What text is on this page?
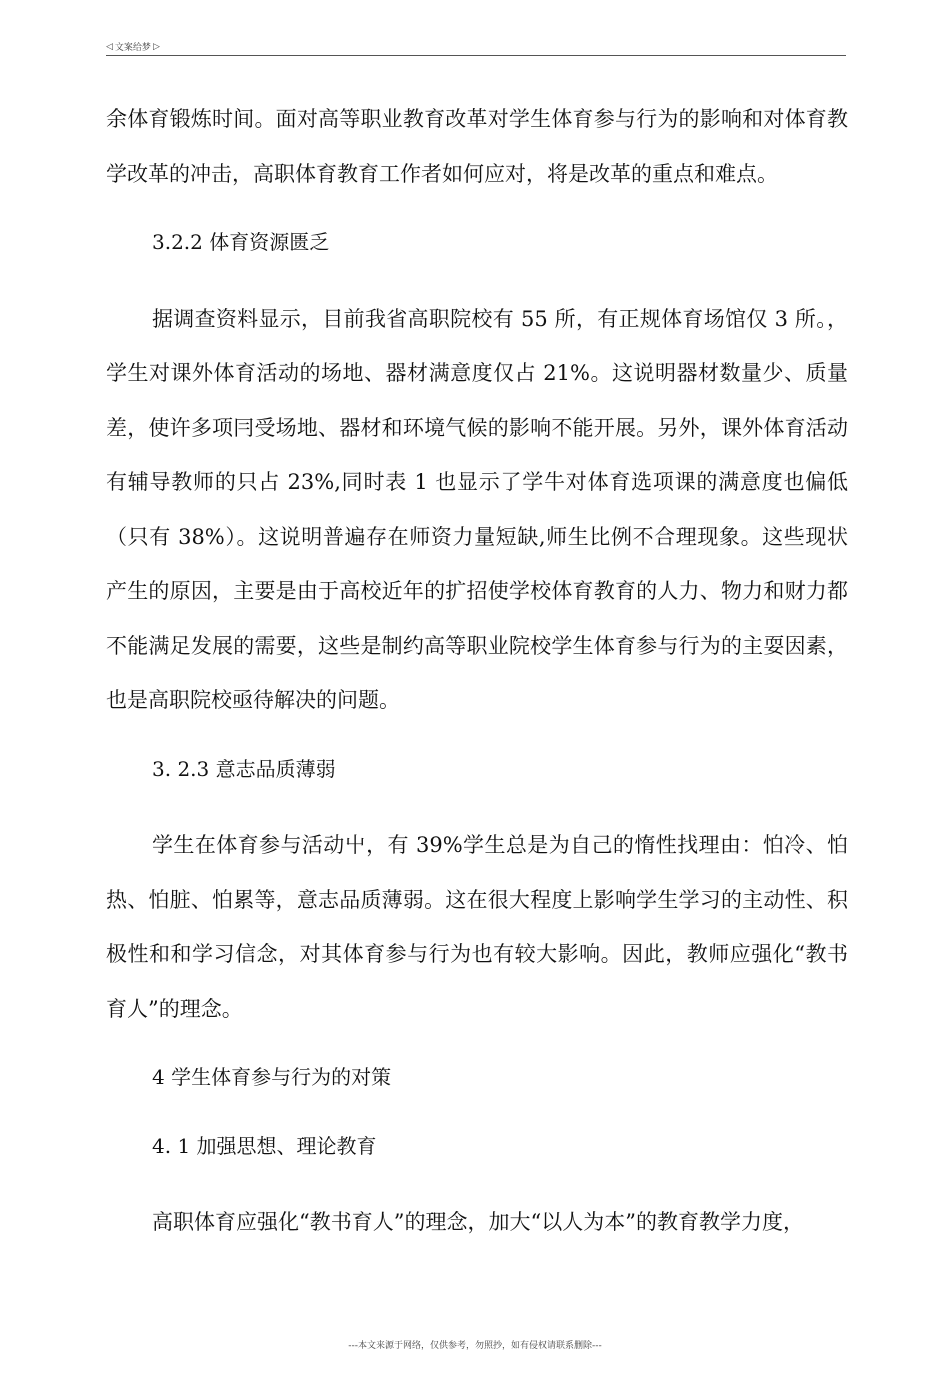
◁ 文案给梦 ▷

余体育锻炼时间。面对高等职业教育改革对学生体育参与行为的影响和对体育教学改革的冲击，高职体育教育工作者如何应对，将是改革的重点和难点。

3.2.2 体育资源匮乏

据调查资料显示，目前我省高职院校有 55 所，有正规体育场馆仅 3 所。，学生对课外体育活动的场地、器材满意度仅占 21%。这说明器材数量少、质量差，使许多项冃受场地、器材和环境气候的影响不能开展。另外，课外体育活动有辅导教师的只占 23%,同时表 1 也显示了学牛对体育选项课的满意度也偏低（只有 38%）。这说明普遍存在师资力量短缺,师生比例不合理现象。这些现状产生的原因，主要是由于高校近年的扩招使学校体育教育的人力、物力和财力都不能满足发展的需要，这些是制约高等职业院校学生体育参与行为的主耍因素，也是高职院校亟待解决的问题。

3. 2.3 意志品质薄弱

学生在体育参与活动屮，有 39%学生总是为自己的惰性找理由：怕冷、怕热、怕脏、怕累等，意志品质薄弱。这在很大程度上影响学生学习的主动性、积极性和和学习信念，对其体育参与行为也有较大影响。因此，教师应强化“教书育人”的理念。

4 学生体育参与行为的对策

4. 1 加强思想、理论教育

高职体育应强化“教书育人”的理念，加大“以人为本”的教育教学力度，

---本文来源于网络，仅供参考，勿照抄，如有侵权请联系删除---
